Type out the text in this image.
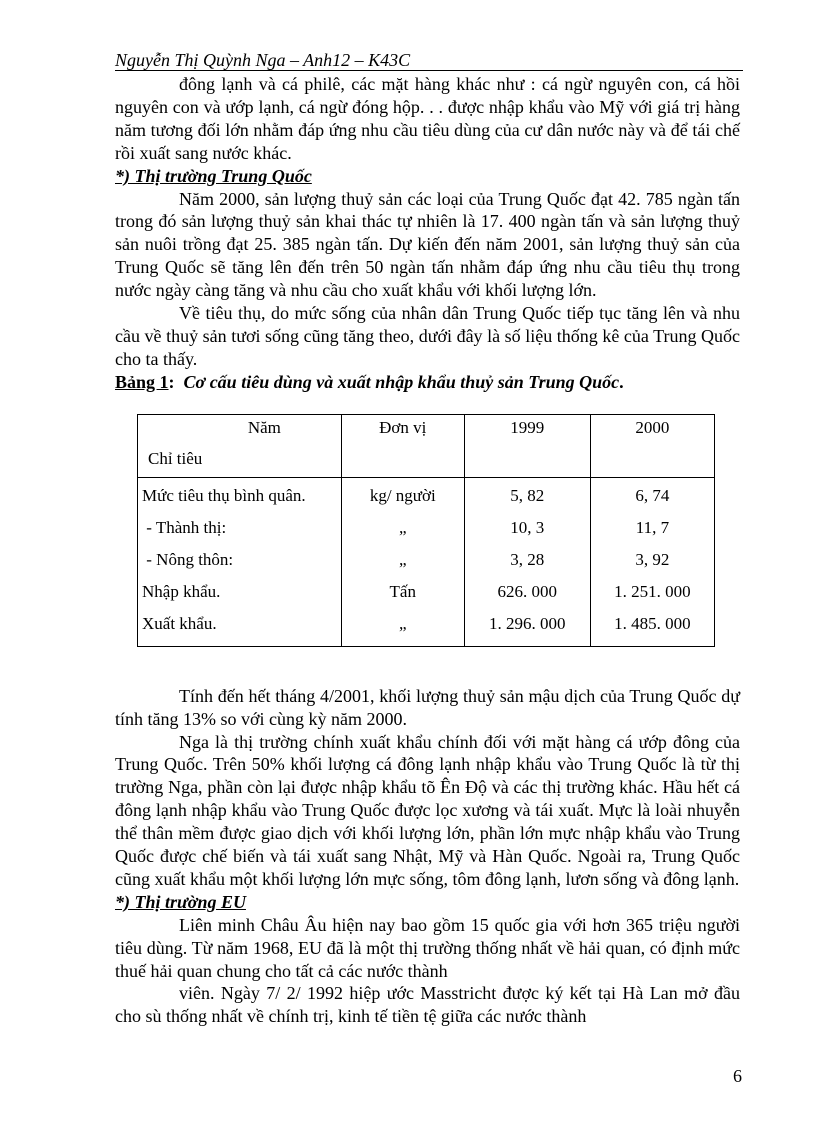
Nguyễn Thị Quỳnh Nga – Anh12 – K43C

đông lạnh và cá philê, các mặt hàng khác như : cá ngừ nguyên con, cá hồi nguyên con và ướp lạnh, cá ngừ đóng hộp. . . được nhập khẩu vào Mỹ với giá trị hàng năm tương đối lớn nhằm đáp ứng nhu cầu tiêu dùng của cư dân nước này và để tái chế rồi xuất sang nước khác.

*) Thị trường Trung Quốc

Năm 2000, sản lượng thuỷ sản các loại của Trung Quốc đạt 42. 785 ngàn tấn trong đó sản lượng thuỷ sản khai thác tự nhiên là 17. 400 ngàn tấn và sản lượng thuỷ sản nuôi trồng đạt 25. 385 ngàn tấn. Dự kiến đến năm 2001, sản lượng thuỷ sản của Trung Quốc sẽ tăng lên đến trên 50 ngàn tấn nhằm đáp ứng nhu cầu tiêu thụ trong nước ngày càng tăng và nhu cầu cho xuất khẩu với khối lượng lớn.

Về tiêu thụ, do mức sống của nhân dân Trung Quốc tiếp tục tăng lên và nhu cầu về thuỷ sản tươi sống cũng tăng theo, dưới đây là số liệu thống kê của Trung Quốc cho ta thấy.

Bảng 1: Cơ cấu tiêu dùng và xuất nhập khẩu thuỷ sản Trung Quốc.

Năm
Chỉ tiêu	Đơn vị	1999	2000
Mức tiêu thụ bình quân.	kg/ người	5, 82	6, 74
- Thành thị:	„	10, 3	11, 7
- Nông thôn:	„	3, 28	3, 92
Nhập khẩu.	Tấn	626. 000	1. 251. 000
Xuất khẩu.	„	1. 296. 000	1. 485. 000

Tính đến hết tháng 4/2001, khối lượng thuỷ sản mậu dịch của Trung Quốc dự tính tăng 13% so với cùng kỳ năm 2000.

Nga là thị trường chính xuất khẩu chính đối với mặt hàng cá ướp đông của Trung Quốc. Trên 50% khối lượng cá đông lạnh nhập khẩu vào Trung Quốc là từ thị trường Nga, phần còn lại được nhập khẩu tõ Ên Độ và các thị trường khác. Hầu hết cá đông lạnh nhập khẩu vào Trung Quốc được lọc xương và tái xuất. Mực là loài nhuyễn thể thân mềm được giao dịch với khối lượng lớn, phần lớn mực nhập khẩu vào Trung Quốc được chế biến và tái xuất sang Nhật, Mỹ và Hàn Quốc. Ngoài ra, Trung Quốc cũng xuất khẩu một khối lượng lớn mực sống, tôm đông lạnh, lươn sống và đông lạnh.

*) Thị trường EU

Liên minh Châu Âu hiện nay bao gồm 15 quốc gia với hơn 365 triệu người tiêu dùng. Từ năm 1968, EU đã là một thị trường thống nhất về hải quan, có định mức thuế hải quan chung cho tất cả các nước thành

viên. Ngày 7/ 2/ 1992 hiệp ước Masstricht được ký kết tại Hà Lan mở đầu cho sù thống nhất về chính trị, kinh tế tiền tệ giữa các nước thành

6
